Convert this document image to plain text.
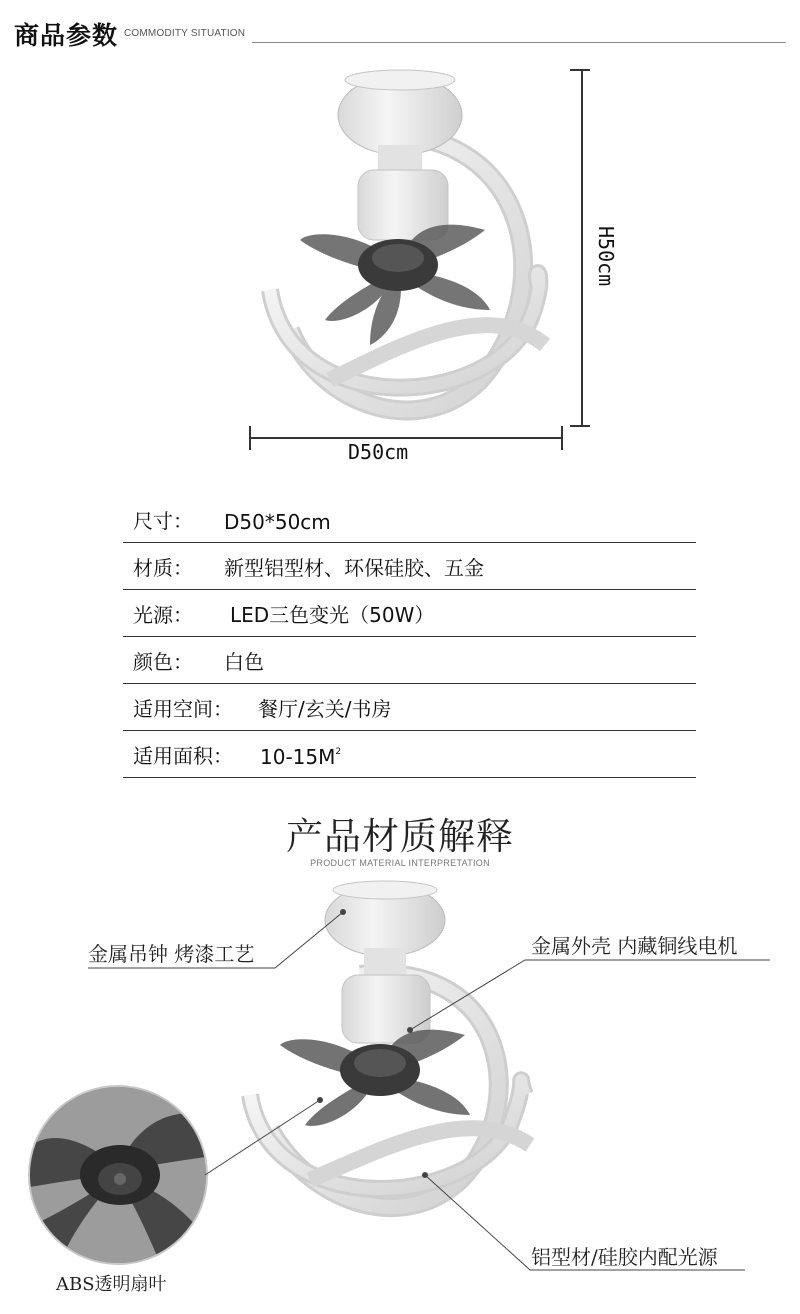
商品参数 COMMODITY SITUATION
D50cm
H50cm
尺寸： D50*50cm
材质： 新型铝型材、环保硅胶、五金
光源： LED三色变光（50W）
颜色： 白色
适用空间： 餐厅/玄关/书房
适用面积： $10-15M^2$
产品材质解释
PRODUCT MATERIAL INTERPRETATION
金属吊钟 烤漆工艺	金属外壳 内藏铜线电机
铝型材/硅胶内配光源
ABS透明扇叶
